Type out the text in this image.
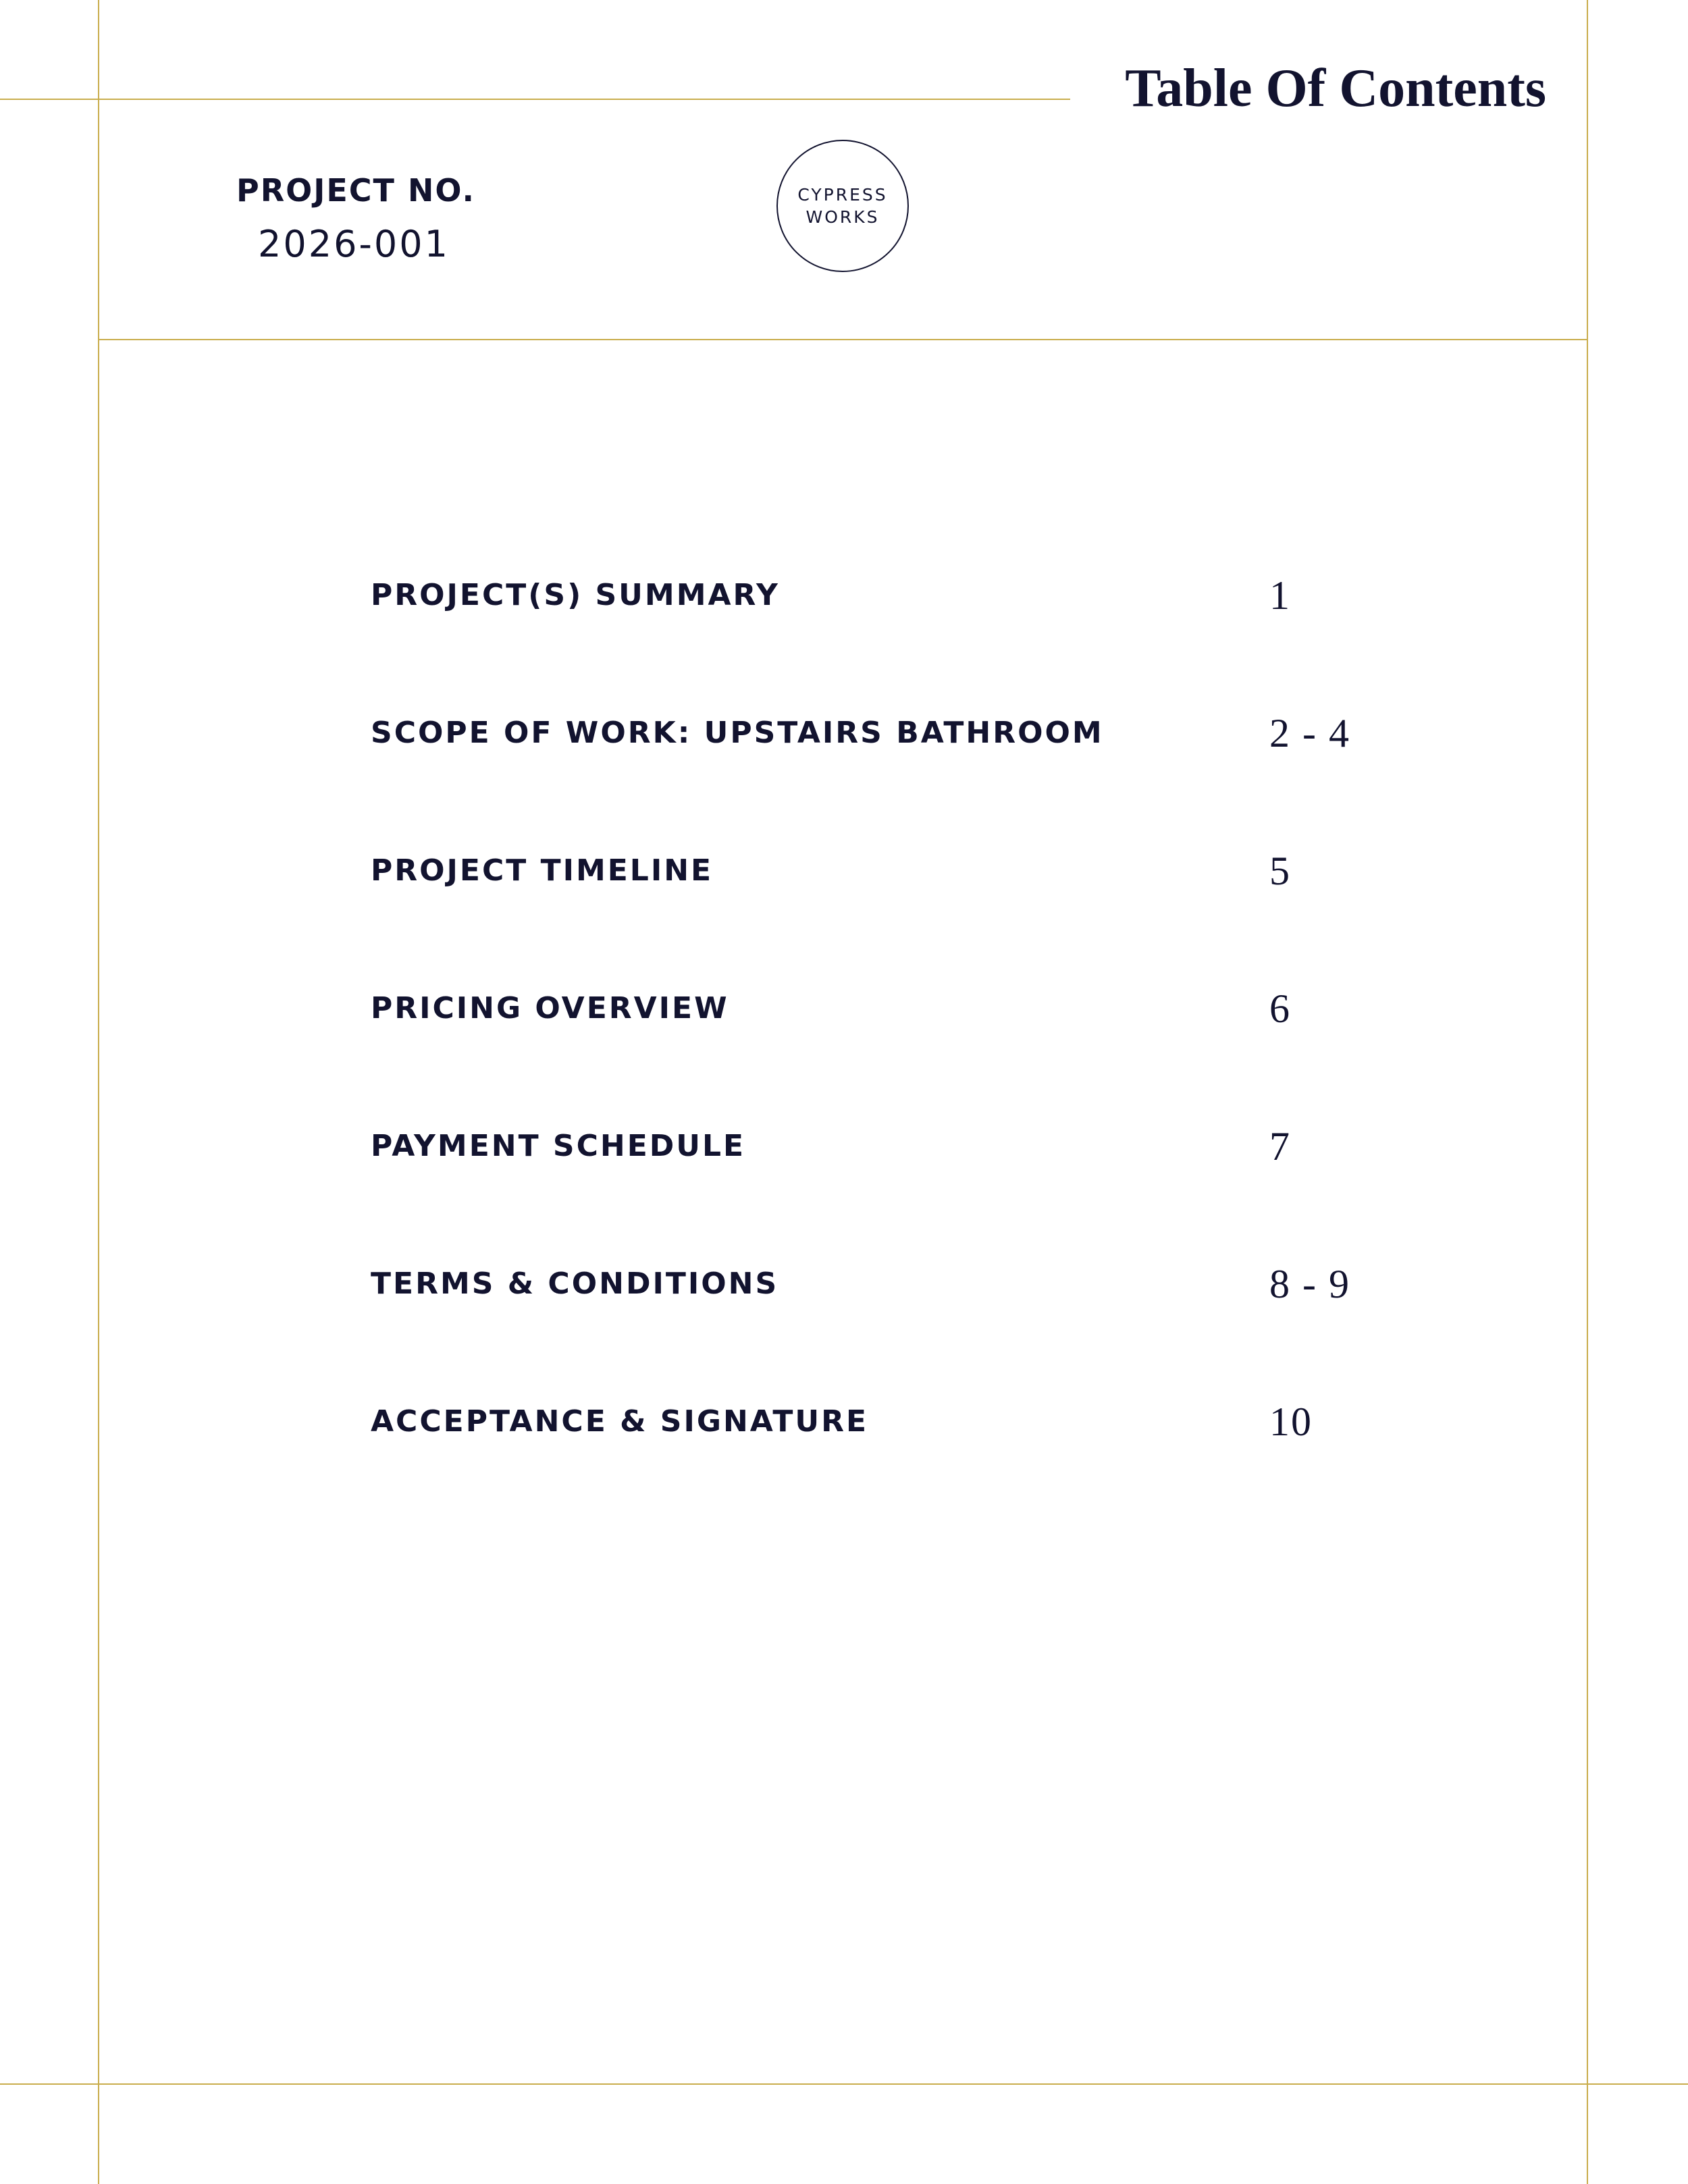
Table Of Contents
PROJECT NO.
2026-001
CYPRESS
WORKS
PROJECT(S) SUMMARY	1
SCOPE OF WORK: UPSTAIRS BATHROOM	2 - 4
PROJECT TIMELINE	5
PRICING OVERVIEW	6
PAYMENT SCHEDULE	7
TERMS & CONDITIONS	8 - 9
ACCEPTANCE & SIGNATURE	10
